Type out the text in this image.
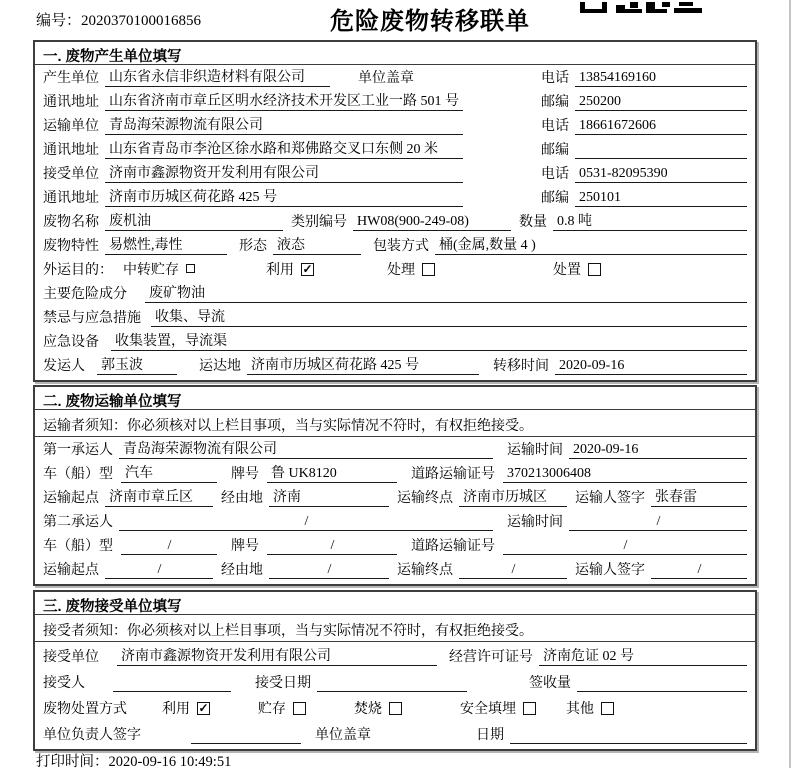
编号：2020370100016856	危险废物转移联单
一. 废物产生单位填写
产生单位 山东省永信非织造材料有限公司	单位盖章	电话 13854169160
通讯地址 山东省济南市章丘区明水经济技术开发区工业一路 501 号	邮编 250200
运输单位 青岛海荣源物流有限公司	电话 18661672606
通讯地址 山东省青岛市李沧区徐水路和郑佛路交叉口东侧 20 米	邮编
接受单位 济南市鑫源物资开发利用有限公司	电话 0531-82095390
通讯地址 济南市历城区荷花路 425 号	邮编 250101
废物名称 废机油	类别编号 HW08(900-249-08)	数量 0.8 吨
废物特性 易燃性,毒性	形态 液态	包装方式 桶(金属,数量 4 )
外运目的： 中转贮存	利用 ✓	处理	处置
主要危险成分 废矿物油
禁忌与应急措施 收集、导流
应急设备 收集装置，导流渠
发运人 郭玉波	运达地 济南市历城区荷花路 425 号	转移时间 2020-09-16
二. 废物运输单位填写
运输者须知：你必须核对以上栏目事项，当与实际情况不符时，有权拒绝接受。
第一承运人 青岛海荣源物流有限公司	运输时间 2020-09-16
车（船）型 汽车	牌号 鲁 UK8120	道路运输证号 370213006408
运输起点 济南市章丘区	经由地 济南	运输终点 济南市历城区	运输人签字 张春雷
第二承运人	/	运输时间	/
车（船）型	/	牌号	/	道路运输证号	/
运输起点	/	经由地	/	运输终点	/	运输人签字	/
三. 废物接受单位填写
接受者须知：你必须核对以上栏目事项，当与实际情况不符时，有权拒绝接受。
接受单位 济南市鑫源物资开发利用有限公司	经营许可证号 济南危证 02 号
接受人	接受日期	签收量
废物处置方式	利用 ✓	贮存	焚烧	安全填埋	其他
单位负责人签字	单位盖章	日期
打印时间：2020-09-16 10:49:51
